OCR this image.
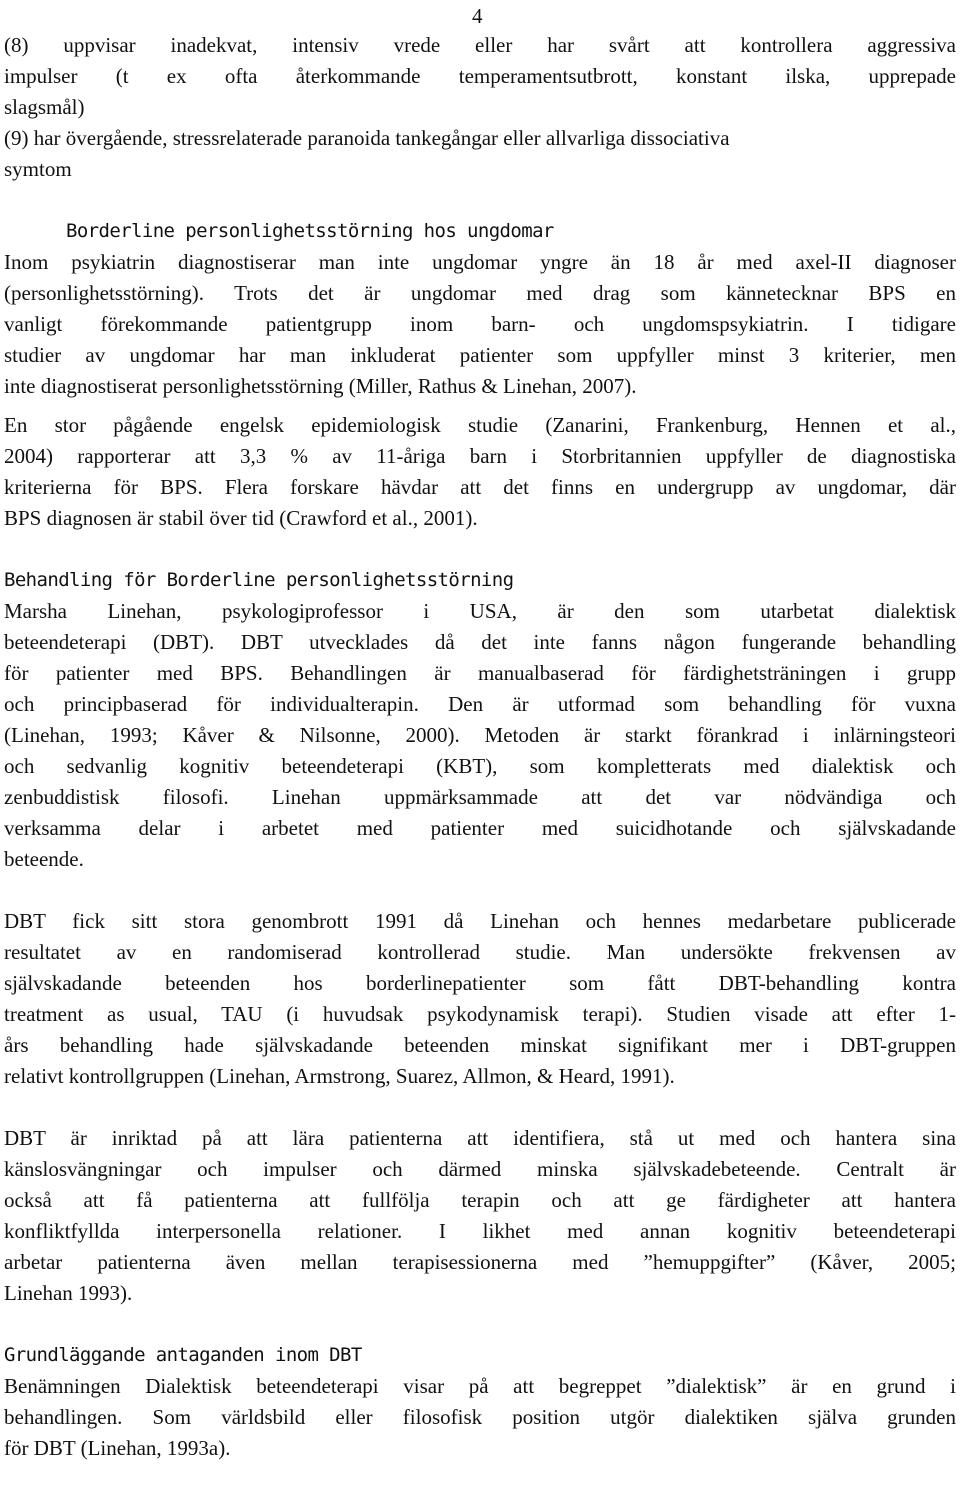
4
(8) uppvisar inadekvat, intensiv vrede eller har svårt att kontrollera aggressiva
impulser (t ex ofta återkommande temperamentsutbrott, konstant ilska, upprepade
slagsmål)
(9) har övergående, stressrelaterade paranoida tankegångar eller allvarliga dissociativa
symtom
Borderline personlighetsstörning hos ungdomar
Inom psykiatrin diagnostiserar man inte ungdomar yngre än 18 år med axel-II diagnoser
(personlighetsstörning). Trots det är ungdomar med drag som kännetecknar BPS en
vanligt förekommande patientgrupp inom barn- och ungdomspsykiatrin. I tidigare
studier av ungdomar har man inkluderat patienter som uppfyller minst 3 kriterier, men
inte diagnostiserat personlighetsstörning (Miller, Rathus & Linehan, 2007).
En stor pågående engelsk epidemiologisk studie (Zanarini, Frankenburg, Hennen et al.,
2004) rapporterar att 3,3 % av 11-åriga barn i Storbritannien uppfyller de diagnostiska
kriterierna för BPS. Flera forskare hävdar att det finns en undergrupp av ungdomar, där
BPS diagnosen är stabil över tid (Crawford et al., 2001).
Behandling för Borderline personlighetsstörning
Marsha Linehan, psykologiprofessor i USA, är den som utarbetat dialektisk
beteendeterapi (DBT). DBT utvecklades då det inte fanns någon fungerande behandling
för patienter med BPS. Behandlingen är manualbaserad för färdighetsträningen i grupp
och principbaserad för individualterapin. Den är utformad som behandling för vuxna
(Linehan, 1993; Kåver & Nilsonne, 2000). Metoden är starkt förankrad i inlärningsteori
och sedvanlig kognitiv beteendeterapi (KBT), som kompletterats med dialektisk och
zenbuddistisk filosofi. Linehan uppmärksammade att det var nödvändiga och
verksamma delar i arbetet med patienter med suicidhotande och självskadande
beteende.
DBT fick sitt stora genombrott 1991 då Linehan och hennes medarbetare publicerade
resultatet av en randomiserad kontrollerad studie. Man undersökte frekvensen av
självskadande beteenden hos borderlinepatienter som fått DBT-behandling kontra
treatment as usual, TAU (i huvudsak psykodynamisk terapi). Studien visade att efter 1-
års behandling hade självskadande beteenden minskat signifikant mer i DBT-gruppen
relativt kontrollgruppen (Linehan, Armstrong, Suarez, Allmon, & Heard, 1991).
DBT är inriktad på att lära patienterna att identifiera, stå ut med och hantera sina
känslosvängningar och impulser och därmed minska självskadebeteende. Centralt är
också att få patienterna att fullfölja terapin och att ge färdigheter att hantera
konfliktfyllda interpersonella relationer. I likhet med annan kognitiv beteendeterapi
arbetar patienterna även mellan terapisessionerna med ”hemuppgifter” (Kåver, 2005;
Linehan 1993).
Grundläggande antaganden inom DBT
Benämningen Dialektisk beteendeterapi visar på att begreppet ”dialektisk” är en grund i
behandlingen. Som världsbild eller filosofisk position utgör dialektiken själva grunden
för DBT (Linehan, 1993a).
